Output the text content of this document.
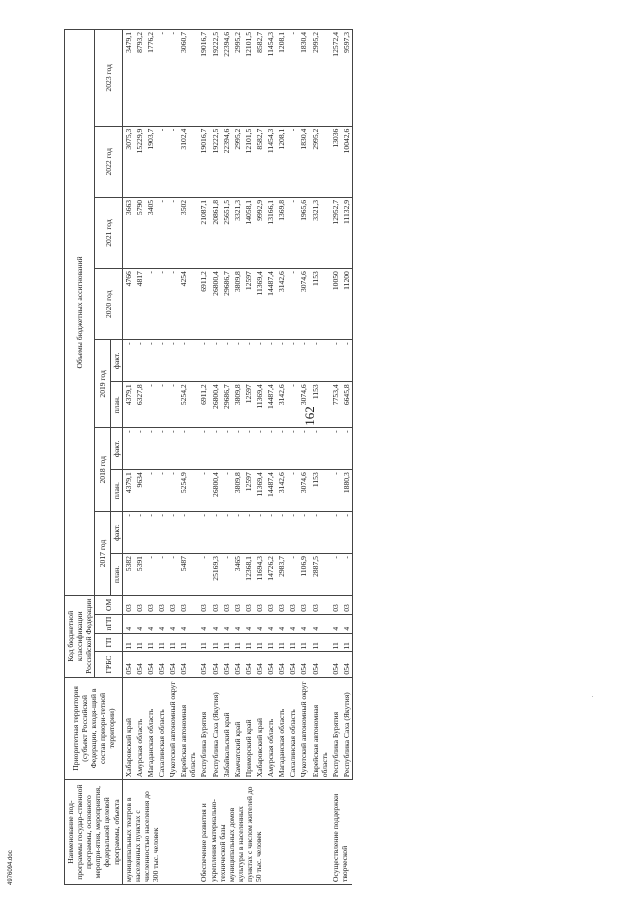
162
Наименование под-программы государ-ственной программы, основного меропри-ятия, мероприятия, федеральной целевой программы, объекта	Приоритетная территория (субъект Российской Федерации, входя-щий в состав приори-тетной территории)	Код бюджетной классификации Российской Федерации				Объемы бюджетных ассигнований									
		ГРБС	ГП	пГП	ОМ	2017 год		2018 год		2019 год		2020 год	2021 год	2022 год	2023 год
						план.	факт.	план.	факт.	план.	факт.				
муниципальных театров в населенных пунктах с численностью населения до 300 тыс. человек	Хабаровский край	054	11	4	03	5382	-	4379,1	-	4379,1	-	4766	3663	3075,3	3479,1
	Амурская область	054	11	4	03	5391	-	9634	-	6327,8	-	4817	5790	15229,9	8793,2
	Магаданская область	054	11	4	03	-	-	-	-	-	-	-	3405	1903,7	1776,2
	Сахалинская область	054	11	4	03	-	-	-	-	-	-	-	-	-	-
	Чукотский автономный округ	054	11	4	03	-	-	-	-	-	-	-	-	-	-
	Еврейская автономная область	054	11	4	03	5487	-	5254,9	-	5254,2	-	4254	3502	3102,4	3060,7
Обеспечение развития и укрепления материально-технической базы муниципальных домов культуры в населенных пунктах с числом жителей до 50 тыс. человек	Республика Бурятия	054	11	4	03	-	-	-	-	6911,2	-	6911,2	21087,1	19016,7	19016,7
	Республика Саха (Якутия)	054	11	4	03	25169,3	-	26800,4	-	26800,4	-	26800,4	20861,8	19222,5	19222,5
	Забайкальский край	054	11	4	03	-	-	-	-	29686,7	-	29686,7	25651,5	22394,6	22394,6
	Камчатский край	054	11	4	03	3465	-	3809,8	-	3809,8	-	3809,8	3321,3	2995,2	2995,2
	Приморский край	054	11	4	03	12368,1	-	12597	-	12597	-	12597	14058,1	12101,5	12101,5
	Хабаровский край	054	11	4	03	11694,3	-	11369,4	-	11369,4	-	11369,4	9992,9	8582,7	8582,7
	Амурская область	054	11	4	03	14726,2	-	14487,4	-	14487,4	-	14487,4	13166,1	11454,3	11454,3
	Магаданская область	054	11	4	03	2983,7	-	3142,6	-	3142,6	-	3142,6	1369,8	1208,1	1208,1
	Сахалинская область	054	11	4	03	-	-	-	-	-	-	-	-	-	-
	Чукотский автономный округ	054	11	4	03	1106,9	-	3074,6	-	3074,6	-	3074,6	1965,6	1830,4	1830,4
	Еврейская автономная область	054	11	4	03	2887,5	-	1153	-	1153	-	1153	3321,3	2995,2	2995,2
Осуществление поддержки творческой	Республика Бурятия	054	11	4	03	-	-	-	-	7753,4	-	10050	12952,7	13036	12572,4
	Республика Саха (Якутия)	054	11	4	03	-	-	1880,3	-	6645,8	-	11200	11132,9	10042,6	9597,3
.
4976094.doc
